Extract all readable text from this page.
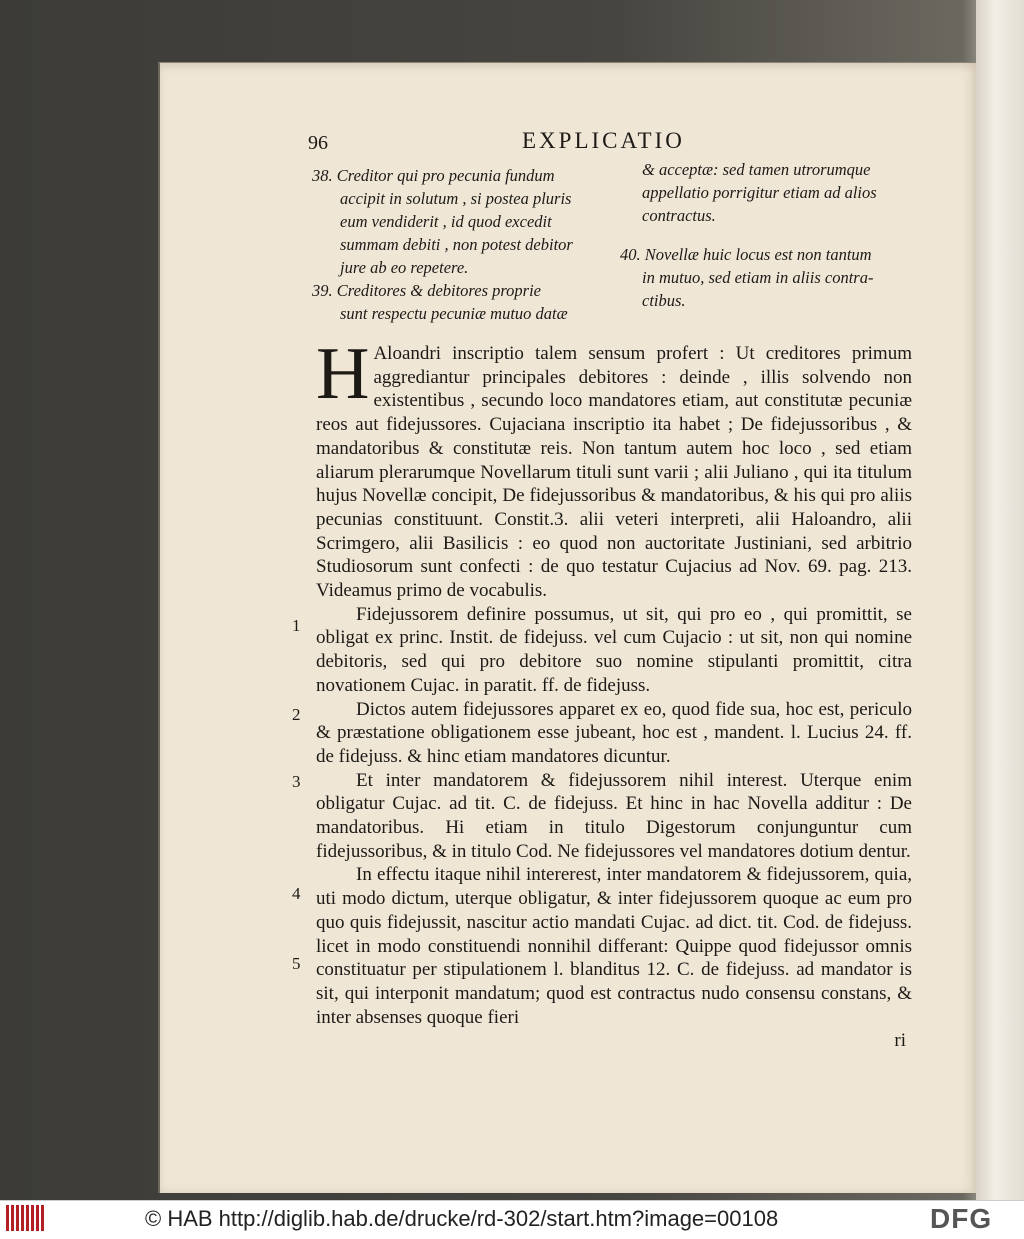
96	EXPLICATIO
38. Creditor qui pro pecunia fundum
accipit in solutum , si postea pluris
eum vendiderit , id quod excedit
summam debiti , non potest debitor
jure ab eo repetere.
39. Creditores & debitores proprie
sunt respectu pecuniæ mutuo datæ
& acceptæ: sed tamen utrorumque
appellatio porrigitur etiam ad alios
contractus.
40. Novellæ huic locus est non tantum
in mutuo, sed etiam in aliis contra-
ctibus.

H Aloandri inscriptio talem sensum profert : Ut creditores primum aggrediantur principales debitores : deinde , illis solvendo non existentibus , secundo loco mandatores etiam, aut constitutæ pecuniæ reos aut fidejussores. Cujaciana inscriptio ita habet ; De fidejussoribus , & mandatoribus & constitutæ reis. Non tantum autem hoc loco , sed etiam aliarum plerarumque Novellarum tituli sunt varii ; alii Juliano , qui ita titulum hujus Novellæ concipit, De fidejussoribus & mandatoribus, & his qui pro aliis pecunias constituunt. Constit.3. alii veteri interpreti, alii Haloandro, alii Scrimgero, alii Basilicis : eo quod non auctoritate Justiniani, sed arbitrio Studiosorum sunt confecti : de quo testatur Cujacius ad Nov. 69. pag. 213. Videamus primo de vocabulis.

Fidejussorem definire possumus, ut sit, qui pro eo , qui promittit, se obligat ex princ. Instit. de fidejuss. vel cum Cujacio : ut sit, non qui nomine debitoris, sed qui pro debitore suo nomine stipulanti promittit, citra novationem Cujac. in paratit. ff. de fidejuss.

Dictos autem fidejussores apparet ex eo, quod fide sua, hoc est, periculo & præstatione obligationem esse jubeant, hoc est , mandent. l. Lucius 24. ff. de fidejuss. & hinc etiam mandatores dicuntur.

Et inter mandatorem & fidejussorem nihil interest. Uterque enim obligatur Cujac. ad tit. C. de fidejuss. Et hinc in hac Novella additur : De mandatoribus. Hi etiam in titulo Digestorum conjunguntur cum fidejussoribus, & in titulo Cod. Ne fidejussores vel mandatores dotium dentur.

In effectu itaque nihil intererest, inter mandatorem & fidejussorem, quia, uti modo dictum, uterque obligatur, & inter fidejussorem quoque ac eum pro quo quis fidejussit, nascitur actio mandati Cujac. ad dict. tit. Cod. de fidejuss. licet in modo constituendi nonnihil differant: Quippe quod fidejussor omnis constituatur per stipulationem l. blanditus 12. C. de fidejuss. ad mandator is sit, qui interponit mandatum; quod est contractus nudo consensu constans, & inter absenses quoque fieri

ri
1
2
3
4
5
© HAB http://diglib.hab.de/drucke/rd-302/start.htm?image=00108	DFG
